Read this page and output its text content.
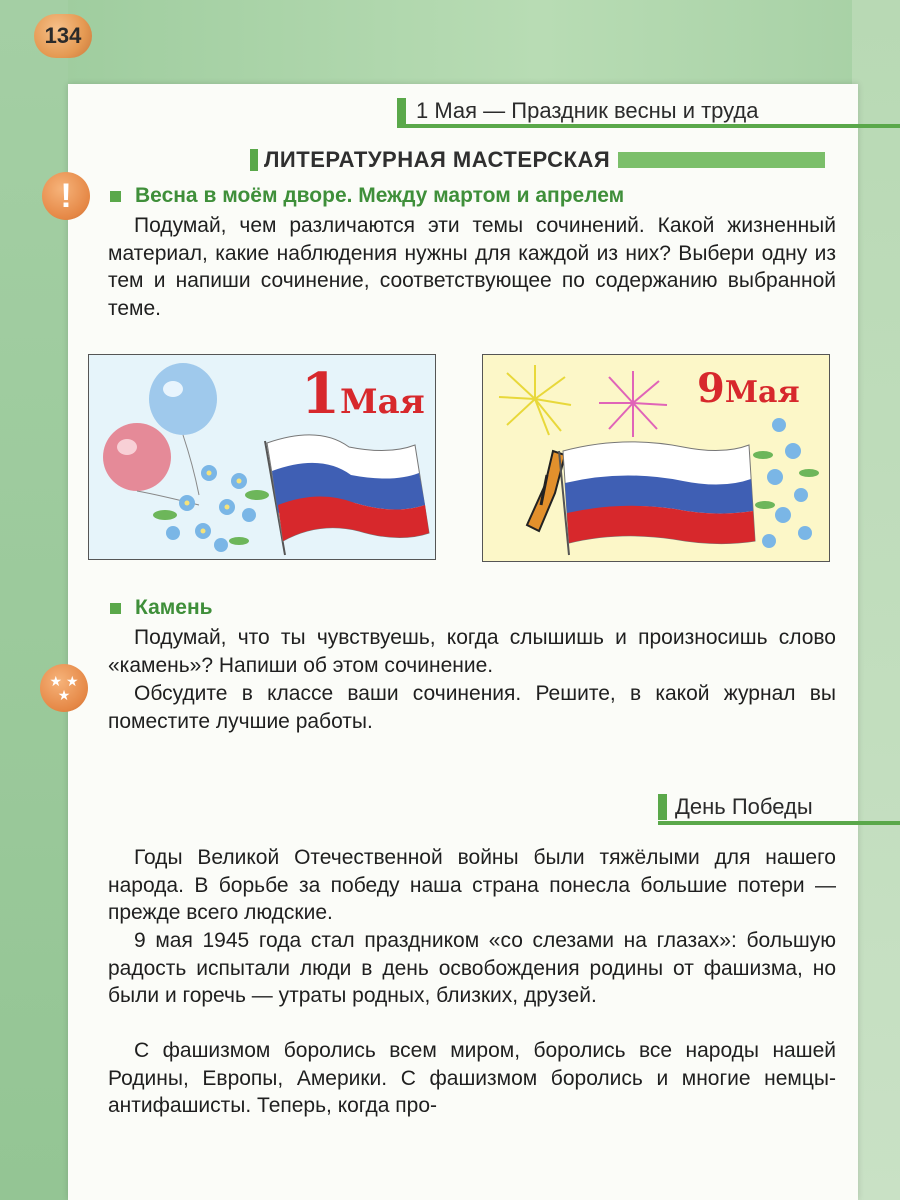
134
1 Мая — Праздник весны и труда
ЛИТЕРАТУРНАЯ МАСТЕРСКАЯ
!	Весна в моём дворе. Между мартом и апрелем

Подумай, чем различаются эти темы сочинений. Какой жизненный материал, какие наблюдения нужны для каждой из них? Выбери одну из тем и напиши сочинение, соответствующее по содержанию выбранной теме.

1Мая	9Мая
Камень

Подумай, что ты чувствуешь, когда слышишь и произносишь слово «камень»? Напиши об этом сочинение.

★ ★
★	Обсудите в классе ваши сочинения. Решите, в какой журнал вы поместите лучшие работы.

День Победы

Годы Великой Отечественной войны были тяжёлыми для нашего народа. В борьбе за победу наша страна понесла большие потери — прежде всего людские.

9 мая 1945 года стал праздником «со слезами на глазах»: большую радость испытали люди в день освобождения родины от фашизма, но были и горечь — утраты родных, близких, друзей.

С фашизмом боролись всем миром, боролись все народы нашей Родины, Европы, Америки. С фашизмом боролись и многие немцы-антифашисты. Теперь, когда про-
